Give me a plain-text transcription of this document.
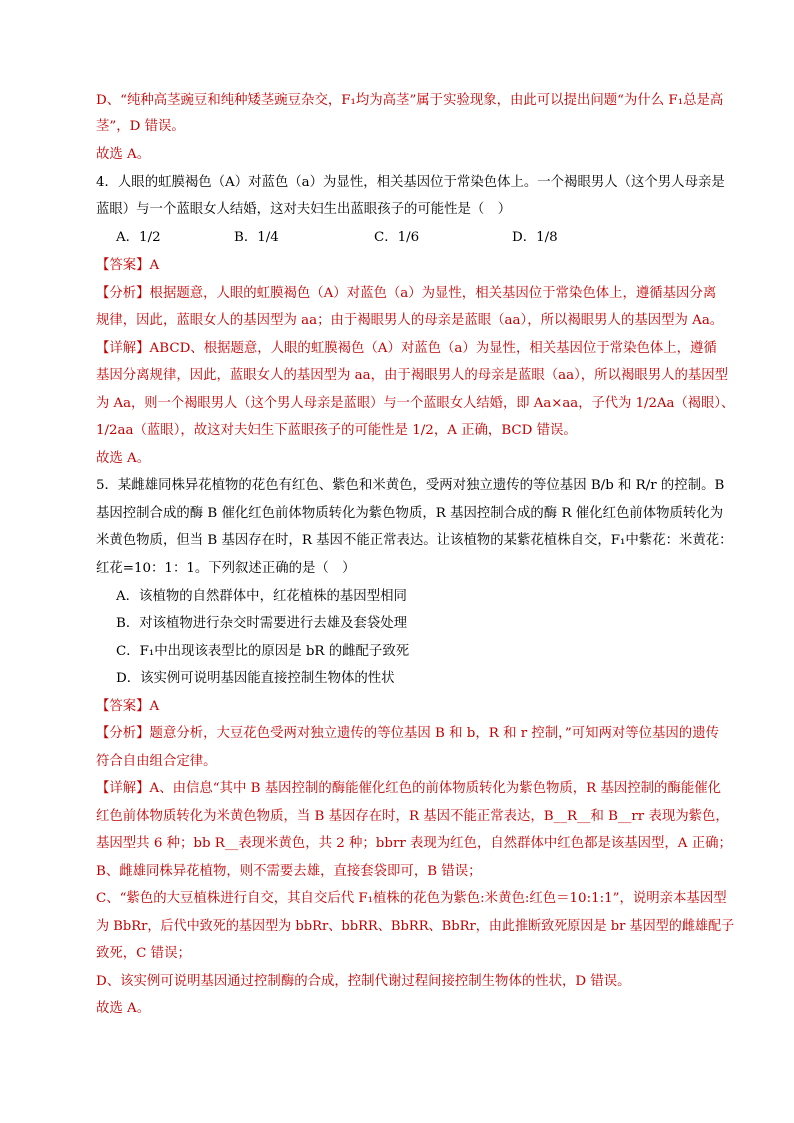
D、“纯种高茎豌豆和纯种矮茎豌豆杂交，F₁均为高茎”属于实验现象，由此可以提出问题“为什么 F₁总是高
茎”，D 错误。
故选 A。
4．人眼的虹膜褐色（A）对蓝色（a）为显性，相关基因位于常染色体上。一个褐眼男人（这个男人母亲是
蓝眼）与一个蓝眼女人结婚，这对夫妇生出蓝眼孩子的可能性是（　）
A．1/2	B．1/4	C．1/6	D．1/8
【答案】A
【分析】根据题意，人眼的虹膜褐色（A）对蓝色（a）为显性，相关基因位于常染色体上，遵循基因分离
规律，因此，蓝眼女人的基因型为 aa；由于褐眼男人的母亲是蓝眼（aa），所以褐眼男人的基因型为 Aa。
【详解】ABCD、根据题意，人眼的虹膜褐色（A）对蓝色（a）为显性，相关基因位于常染色体上，遵循
基因分离规律，因此，蓝眼女人的基因型为 aa，由于褐眼男人的母亲是蓝眼（aa），所以褐眼男人的基因型
为 Aa，则一个褐眼男人（这个男人母亲是蓝眼）与一个蓝眼女人结婚，即 Aa×aa，子代为 1/2Aa（褐眼）、
1/2aa（蓝眼），故这对夫妇生下蓝眼孩子的可能性是 1/2，A 正确，BCD 错误。
故选 A。
5．某雌雄同株异花植物的花色有红色、紫色和米黄色，受两对独立遗传的等位基因 B/b 和 R/r 的控制。B
基因控制合成的酶 B 催化红色前体物质转化为紫色物质，R 基因控制合成的酶 R 催化红色前体物质转化为
米黄色物质，但当 B 基因存在时，R 基因不能正常表达。让该植物的某紫花植株自交，F₁中紫花：米黄花：
红花=10：1：1。下列叙述正确的是（　）
A．该植物的自然群体中，红花植株的基因型相同
B．对该植物进行杂交时需要进行去雄及套袋处理
C．F₁中出现该表型比的原因是 bR 的雌配子致死
D．该实例可说明基因能直接控制生物体的性状
【答案】A
【分析】题意分析，大豆花色受两对独立遗传的等位基因 B 和 b，R 和 r 控制，”可知两对等位基因的遗传
符合自由组合定律。
【详解】A、由信息“其中 B 基因控制的酶能催化红色的前体物质转化为紫色物质，R 基因控制的酶能催化
红色前体物质转化为米黄色物质，当 B 基因存在时，R 基因不能正常表达，B__R__和 B__rr 表现为紫色，
基因型共 6 种；bb R__表现米黄色，共 2 种；bbrr 表现为红色，自然群体中红色都是该基因型，A 正确；
B、雌雄同株异花植物，则不需要去雄，直接套袋即可，B 错误；
C、“紫色的大豆植株进行自交，其自交后代 F₁植株的花色为紫色:米黄色:红色＝10:1:1”，说明亲本基因型
为 BbRr，后代中致死的基因型为 bbRr、bbRR、BbRR、BbRr，由此推断致死原因是 br 基因型的雌雄配子
致死，C 错误；
D、该实例可说明基因通过控制酶的合成，控制代谢过程间接控制生物体的性状，D 错误。
故选 A。
